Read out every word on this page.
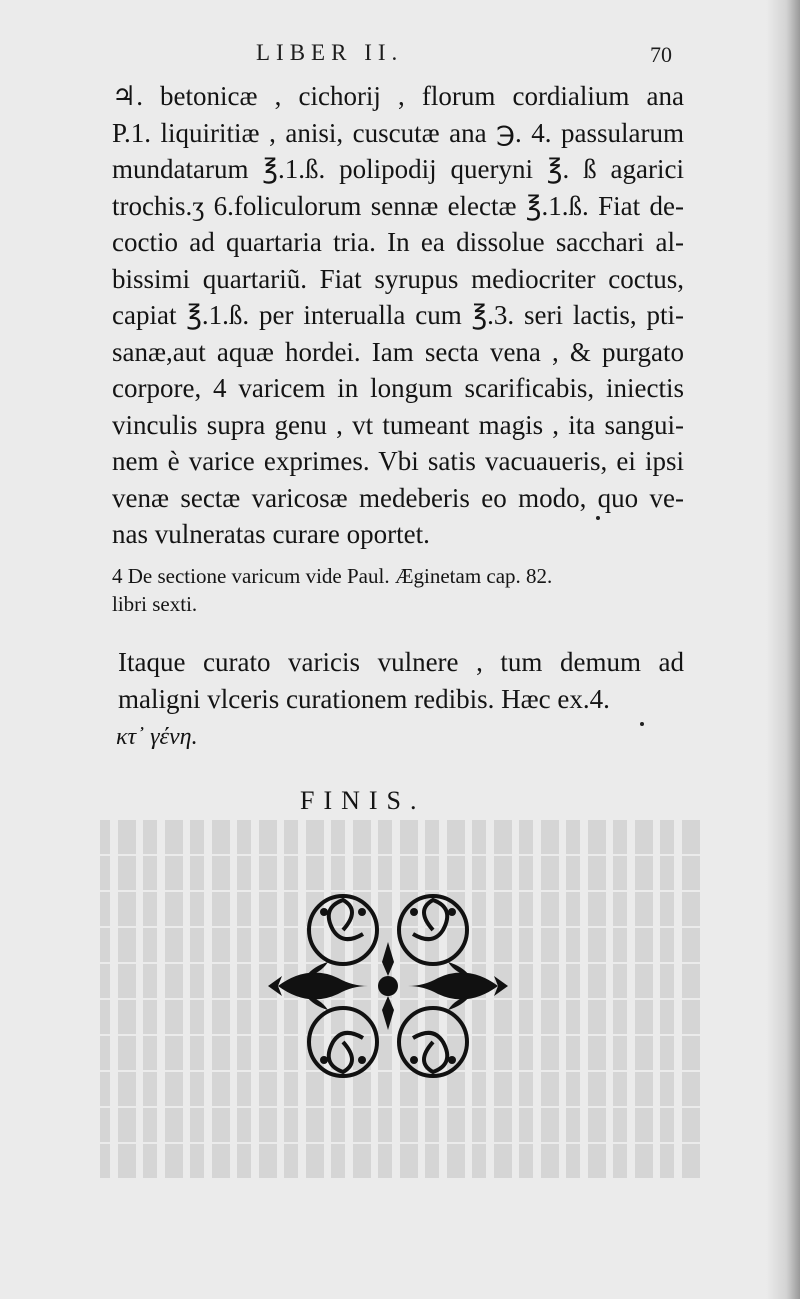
LIBER II.	70
♃. betonicæ , cichorij , florum cordialium ana
P.1. liquiritiæ , anisi, cuscutæ ana ℈. 4. passularum
mundatarum ℥.1.ß. polipodij queryni ℥. ß agarici
trochis.ʒ 6.foliculorum sennæ electæ ℥.1.ß. Fiat de-
coctio ad quartaria tria. In ea dissolue sacchari al-
bissimi quartariũ. Fiat syrupus mediocriter coctus,
capiat ℥.1.ß. per interualla cum ℥.3. seri lactis, pti-
sanæ,aut aquæ hordei. Iam secta vena , & purgato
corpore, 4 varicem in longum scarificabis, iniectis
vinculis supra genu , vt tumeant magis , ita sangui-
nem è varice exprimes. Vbi satis vacuaueris, ei ipsi
venæ sectæ varicosæ medeberis eo modo, quo ve-
nas vulneratas curare oportet.
4 De sectione varicum vide Paul. Æginetam cap. 82.
libri sexti.
Itaque curato varicis vulnere , tum demum ad
maligni vlceris curationem redibis. Hæc ex.4.
κτ᾽ γένη.
FINIS.
